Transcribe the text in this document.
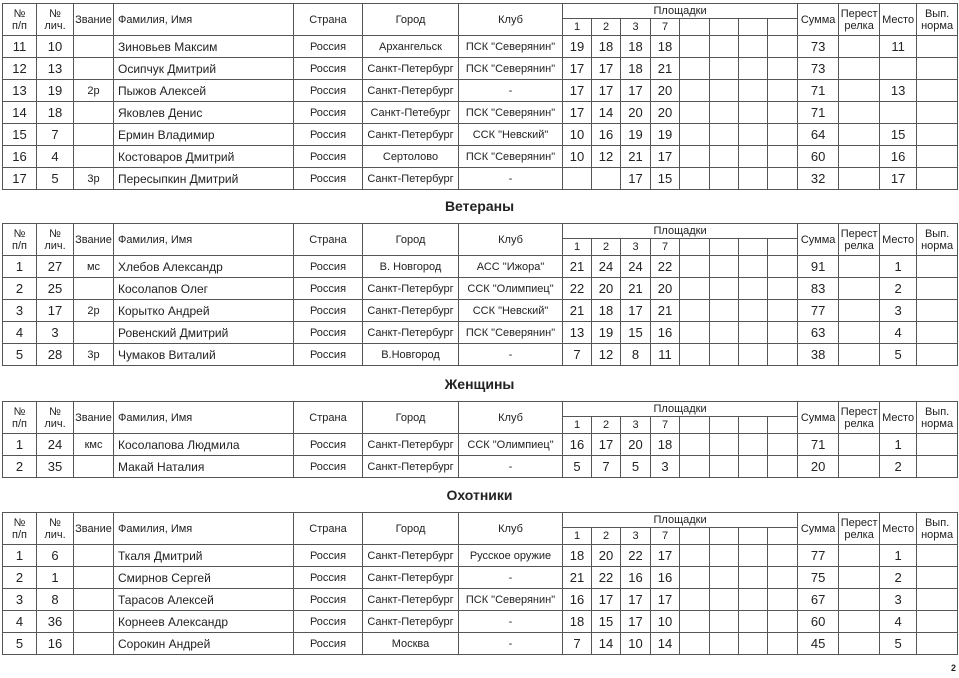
№
п/п	№
лич.	Звание	Фамилия, Имя	Страна	Город	Клуб	Площадки								Сумма	Перест
релка	Место	Вып.
норма
							1	2	3	7								
11	10		Зиновьев Максим	Россия	Архангельск	ПСК "Северянин"	19	18	18	18					73		11	
12	13		Осипчук Дмитрий	Россия	Санкт-Петербург	ПСК "Северянин"	17	17	18	21					73			
13	19	2р	Пыжов Алексей	Россия	Санкт-Петербург	-	17	17	17	20					71		13	
14	18		Яковлев Денис	Россия	Санкт-Петебург	ПСК "Северянин"	17	14	20	20					71			
15	7		Ермин Владимир	Россия	Санкт-Петербург	ССК "Невский"	10	16	19	19					64		15	
16	4		Костоваров Дмитрий	Россия	Сертолово	ПСК "Северянин"	10	12	21	17					60		16	
17	5	3р	Пересыпкин Дмитрий	Россия	Санкт-Петербург	-			17	15					32		17	
№
п/п	№
лич.	Звание	Фамилия, Имя	Страна	Город	Клуб	Площадки								Сумма	Перест
релка	Место	Вып.
норма
							1	2	3	7								
1	27	мс	Хлебов Александр	Россия	В. Новгород	АСС "Ижора"	21	24	24	22					91		1	
2	25		Косолапов Олег	Россия	Санкт-Петербург	ССК "Олимпиец"	22	20	21	20					83		2	
3	17	2р	Корытко Андрей	Россия	Санкт-Петербург	ССК "Невский"	21	18	17	21					77		3	
4	3		Ровенский Дмитрий	Россия	Санкт-Петербург	ПСК "Северянин"	13	19	15	16					63		4	
5	28	3р	Чумаков Виталий	Россия	В.Новгород	-	7	12	8	11					38		5	
№
п/п	№
лич.	Звание	Фамилия, Имя	Страна	Город	Клуб	Площадки								Сумма	Перест
релка	Место	Вып.
норма
							1	2	3	7								
1	24	кмс	Косолапова Людмила	Россия	Санкт-Петербург	ССК "Олимпиец"	16	17	20	18					71		1	
2	35		Макай Наталия	Россия	Санкт-Петербург	-	5	7	5	3					20		2	
№
п/п	№
лич.	Звание	Фамилия, Имя	Страна	Город	Клуб	Площадки								Сумма	Перест
релка	Место	Вып.
норма
							1	2	3	7								
1	6		Ткаля Дмитрий	Россия	Санкт-Петербург	Русское оружие	18	20	22	17					77		1	
2	1		Смирнов Сергей	Россия	Санкт-Петербург	-	21	22	16	16					75		2	
3	8		Тарасов Алексей	Россия	Санкт-Петербург	ПСК "Северянин"	16	17	17	17					67		3	
4	36		Корнеев Александр	Россия	Санкт-Петербург	-	18	15	17	10					60		4	
5	16		Сорокин Андрей	Россия	Москва	-	7	14	10	14					45		5	
2
Ветераны
Женщины
Охотники
